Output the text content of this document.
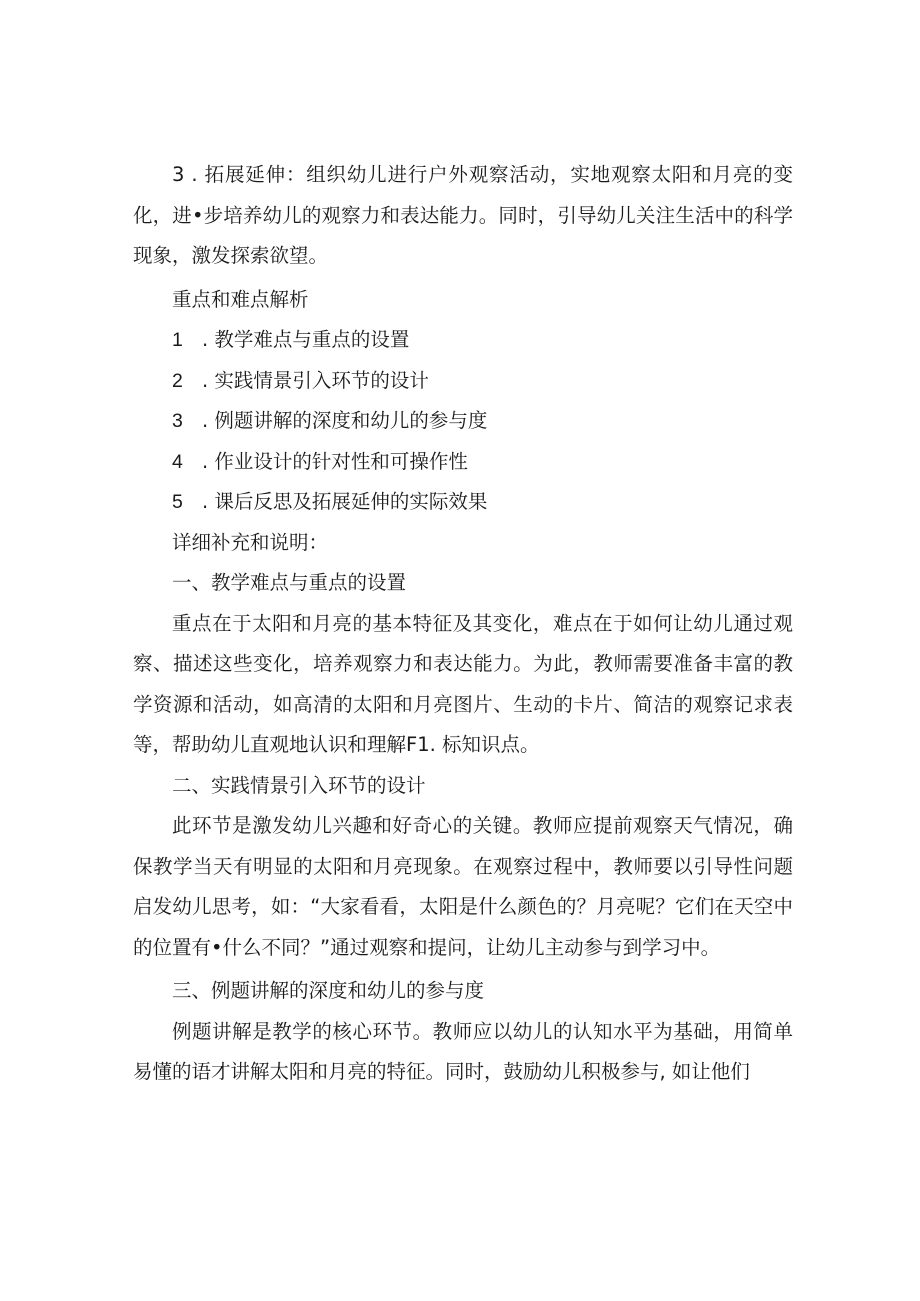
3 . 拓展延伸：组织幼儿进行户外观察活动，实地观察太阳和月亮的变化，进•步培养幼儿的观察力和表达能力。同时，引导幼儿关注生活中的科学现象，激发探索欲望。

重点和难点解析

1 . 教学难点与重点的设置

2 . 实践情景引入环节的设计

3 . 例题讲解的深度和幼儿的参与度

4 . 作业设计的针对性和可操作性

5 . 课后反思及拓展延伸的实际效果

详细补充和说明：

一、教学难点与重点的设置

重点在于太阳和月亮的基本特征及其变化，难点在于如何让幼儿通过观察、描述这些变化，培养观察力和表达能力。为此，教师需要准备丰富的教学资源和活动，如高清的太阳和月亮图片、生动的卡片、简洁的观察记求表等，帮助幼儿直观地认识和理解F1. 标知识点。

二、实践情景引入环节的设计

此环节是激发幼儿兴趣和好奇心的关键。教师应提前观察天气情况，确保教学当天有明显的太阳和月亮现象。在观察过程中，教师要以引导性问题启发幼儿思考，如：“大家看看，太阳是什么颜色的？月亮呢？它们在天空中的位置有•什么不同？”通过观察和提问，让幼儿主动参与到学习中。

三、例题讲解的深度和幼儿的参与度

例题讲解是教学的核心环节。教师应以幼儿的认知水平为基础，用简单易懂的语才讲解太阳和月亮的特征。同时，鼓励幼儿积极参与, 如让他们
